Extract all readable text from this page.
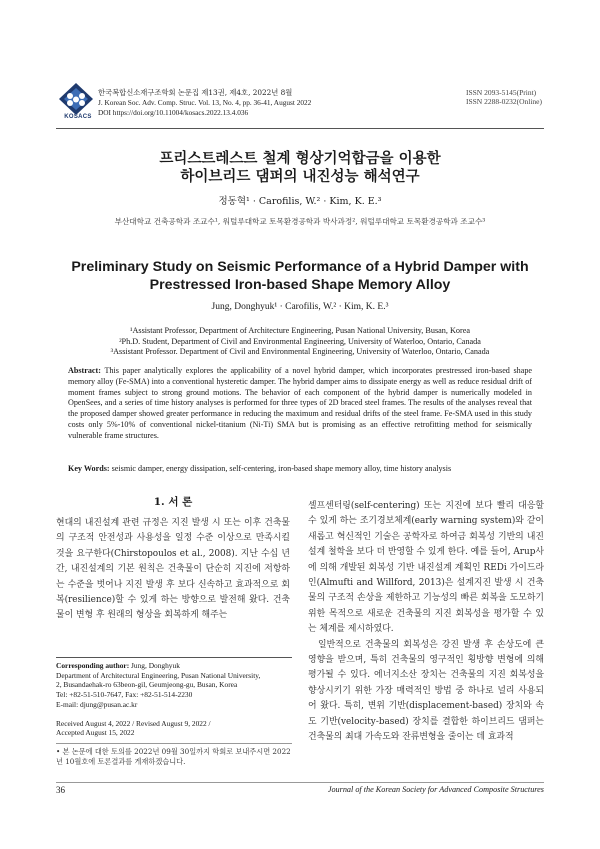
KOSACS
한국복합신소재구조학회 논문집 제13권, 제4호, 2022년 8월
J. Korean Soc. Adv. Comp. Struc. Vol. 13, No. 4, pp. 36-41, August 2022
DOI https://doi.org/10.11004/kosacs.2022.13.4.036
ISSN 2093-5145(Print)
ISSN 2288-0232(Online)
프리스트레스트 철계 형상기억합금을 이용한
하이브리드 댐퍼의 내진성능 해석연구
정동혁¹ · Carofilis, W.² · Kim, K. E.³
부산대학교 건축공학과 조교수¹, 워털루대학교 토목환경공학과 박사과정², 워털루대학교 토목환경공학과 조교수³
Preliminary Study on Seismic Performance of a Hybrid Damper with
Prestressed Iron-based Shape Memory Alloy
Jung, Donghyuk¹ · Carofilis, W.² · Kim, K. E.³
¹Assistant Professor, Department of Architecture Engineering, Pusan National University, Busan, Korea
²Ph.D. Student, Department of Civil and Environmental Engineering, University of Waterloo, Ontario, Canada
³Assistant Professor. Department of Civil and Environmental Engineering, University of Waterloo, Ontario, Canada
Abstract: This paper analytically explores the applicability of a novel hybrid damper, which incorporates prestressed iron-based shape memory alloy (Fe-SMA) into a conventional hysteretic damper. The hybrid damper aims to dissipate energy as well as reduce residual drift of moment frames subject to strong ground motions. The behavior of each component of the hybrid damper is numerically modeled in OpenSees, and a series of time history analyses is performed for three types of 2D braced steel frames. The results of the analyses reveal that the proposed damper showed greater performance in reducing the maximum and residual drifts of the steel frame. Fe-SMA used in this study costs only 5%-10% of conventional nickel-titanium (Ni-Ti) SMA but is promising as an effective retrofitting method for seismically vulnerable frame structures.
Key Words: seismic damper, energy dissipation, self-centering, iron-based shape memory alloy, time history analysis
1. 서 론

현대의 내진설계 관련 규정은 지진 발생 시 또는 이후 건축물의 구조적 안전성과 사용성을 일정 수준 이상으로 만족시킬 것을 요구한다(Chirstopoulos et al., 2008). 지난 수십 년간, 내진설계의 기본 원칙은 건축물이 단순히 지진에 저항하는 수준을 벗어나 지진 발생 후 보다 신속하고 효과적으로 회복(resilience)할 수 있게 하는 방향으로 발전해 왔다. 건축물이 변형 후 원래의 형상을 회복하게 해주는

셀프센터링(self-centering) 또는 지진에 보다 빨리 대응할 수 있게 하는 조기경보체계(early warning system)와 같이 새롭고 혁신적인 기술은 공학자로 하여금 회복성 기반의 내진설계 철학을 보다 더 반영할 수 있게 한다. 예를 들어, Arup사에 의해 개발된 회복성 기반 내진설계 계획인 REDi 가이드라인(Almufti and Willford, 2013)은 설계지진 발생 시 건축물의 구조적 손상을 제한하고 기능성의 빠른 회복을 도모하기 위한 목적으로 새로운 건축물의 지진 회복성을 평가할 수 있는 체계를 제시하였다.

일반적으로 건축물의 회복성은 강진 발생 후 손상도에 큰 영향을 받으며, 특히 건축물의 영구적인 횡방향 변형에 의해 평가될 수 있다. 에너지소산 장치는 건축물의 지진 회복성을 향상시키기 위한 가장 매력적인 방법 중 하나로 널리 사용되어 왔다. 특히, 변위 기반(displacement-based) 장치와 속도 기반(velocity-based) 장치를 결합한 하이브리드 댐퍼는 건축물의 최대 가속도와 잔류변형을 줄이는 데 효과적

Corresponding author: Jung, Donghyuk
Department of Architectural Engineering, Pusan National University,
2, Busandaehak-ro 63beon-gil, Geumjeong-gu, Busan, Korea
Tel: +82-51-510-7647, Fax: +82-51-514-2230
E-mail: djung@pusan.ac.kr
Received August 4, 2022 / Revised August 9, 2022 /
Accepted August 15, 2022
• 본 논문에 대한 토의를 2022년 09월 30일까지 학회로 보내주시면 2022년 10월호에 토론결과를 게재하겠습니다.
36	Journal of the Korean Society for Advanced Composite Structures
